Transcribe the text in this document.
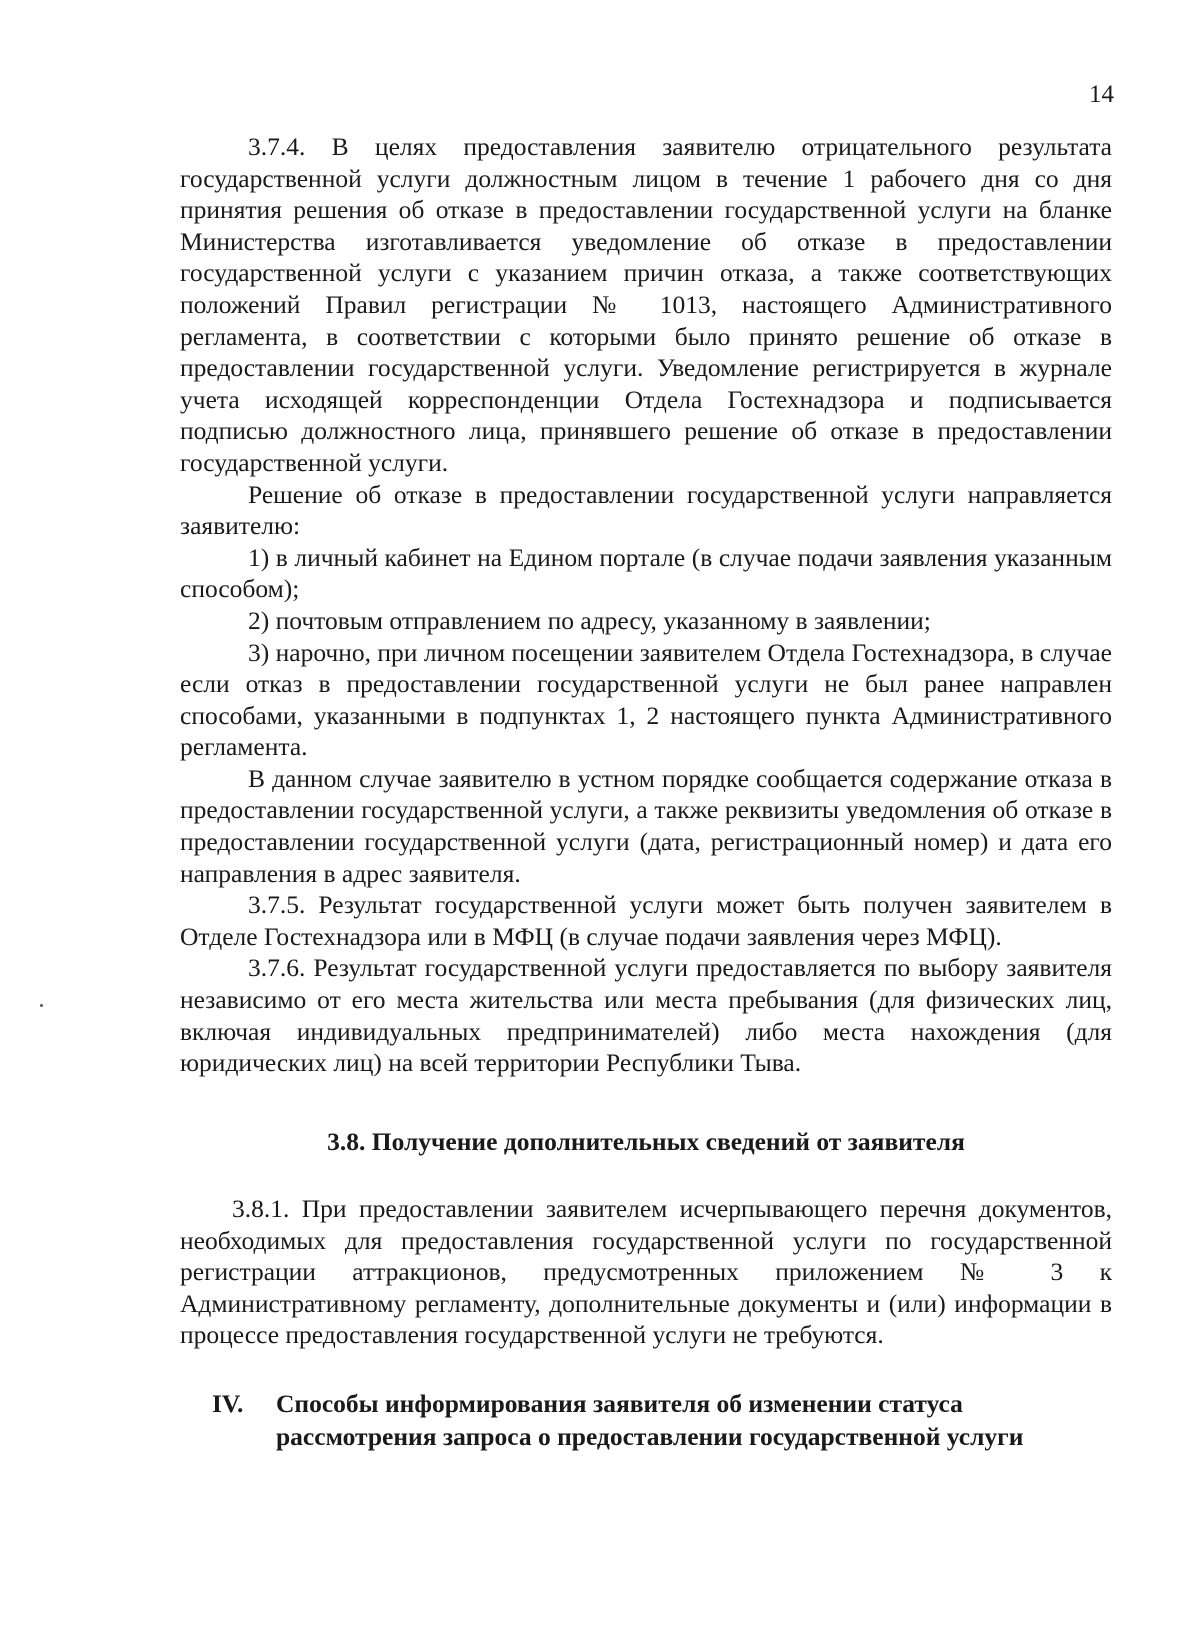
14

3.7.4. В целях предоставления заявителю отрицательного результата государственной услуги должностным лицом в течение 1 рабочего дня со дня принятия решения об отказе в предоставлении государственной услуги на бланке Министерства изготавливается уведомление об отказе в предоставлении государственной услуги с указанием причин отказа, а также соответствующих положений Правил регистрации № 1013, настоящего Административного регламента, в соответствии с которыми было принято решение об отказе в предоставлении государственной услуги. Уведомление регистрируется в журнале учета исходящей корреспонденции Отдела Гостехнадзора и подписывается подписью должностного лица, принявшего решение об отказе в предоставлении государственной услуги.

Решение об отказе в предоставлении государственной услуги направляется заявителю:

1) в личный кабинет на Едином портале (в случае подачи заявления указанным способом);

2) почтовым отправлением по адресу, указанному в заявлении;

3) нарочно, при личном посещении заявителем Отдела Гостехнадзора, в случае если отказ в предоставлении государственной услуги не был ранее направлен способами, указанными в подпунктах 1, 2 настоящего пункта Административного регламента.

В данном случае заявителю в устном порядке сообщается содержание отказа в предоставлении государственной услуги, а также реквизиты уведомления об отказе в предоставлении государственной услуги (дата, регистрационный номер) и дата его направления в адрес заявителя.

3.7.5. Результат государственной услуги может быть получен заявителем в Отделе Гостехнадзора или в МФЦ (в случае подачи заявления через МФЦ).

3.7.6. Результат государственной услуги предоставляется по выбору заявителя независимо от его места жительства или места пребывания (для физических лиц, включая индивидуальных предпринимателей) либо места нахождения (для юридических лиц) на всей территории Республики Тыва.

3.8. Получение дополнительных сведений от заявителя

3.8.1. При предоставлении заявителем исчерпывающего перечня документов, необходимых для предоставления государственной услуги по государственной регистрации аттракционов, предусмотренных приложением № 3 к Административному регламенту, дополнительные документы и (или) информации в процессе предоставления государственной услуги не требуются.

IV. Способы информирования заявителя об изменении статуса
рассмотрения запроса о предоставлении государственной услуги
